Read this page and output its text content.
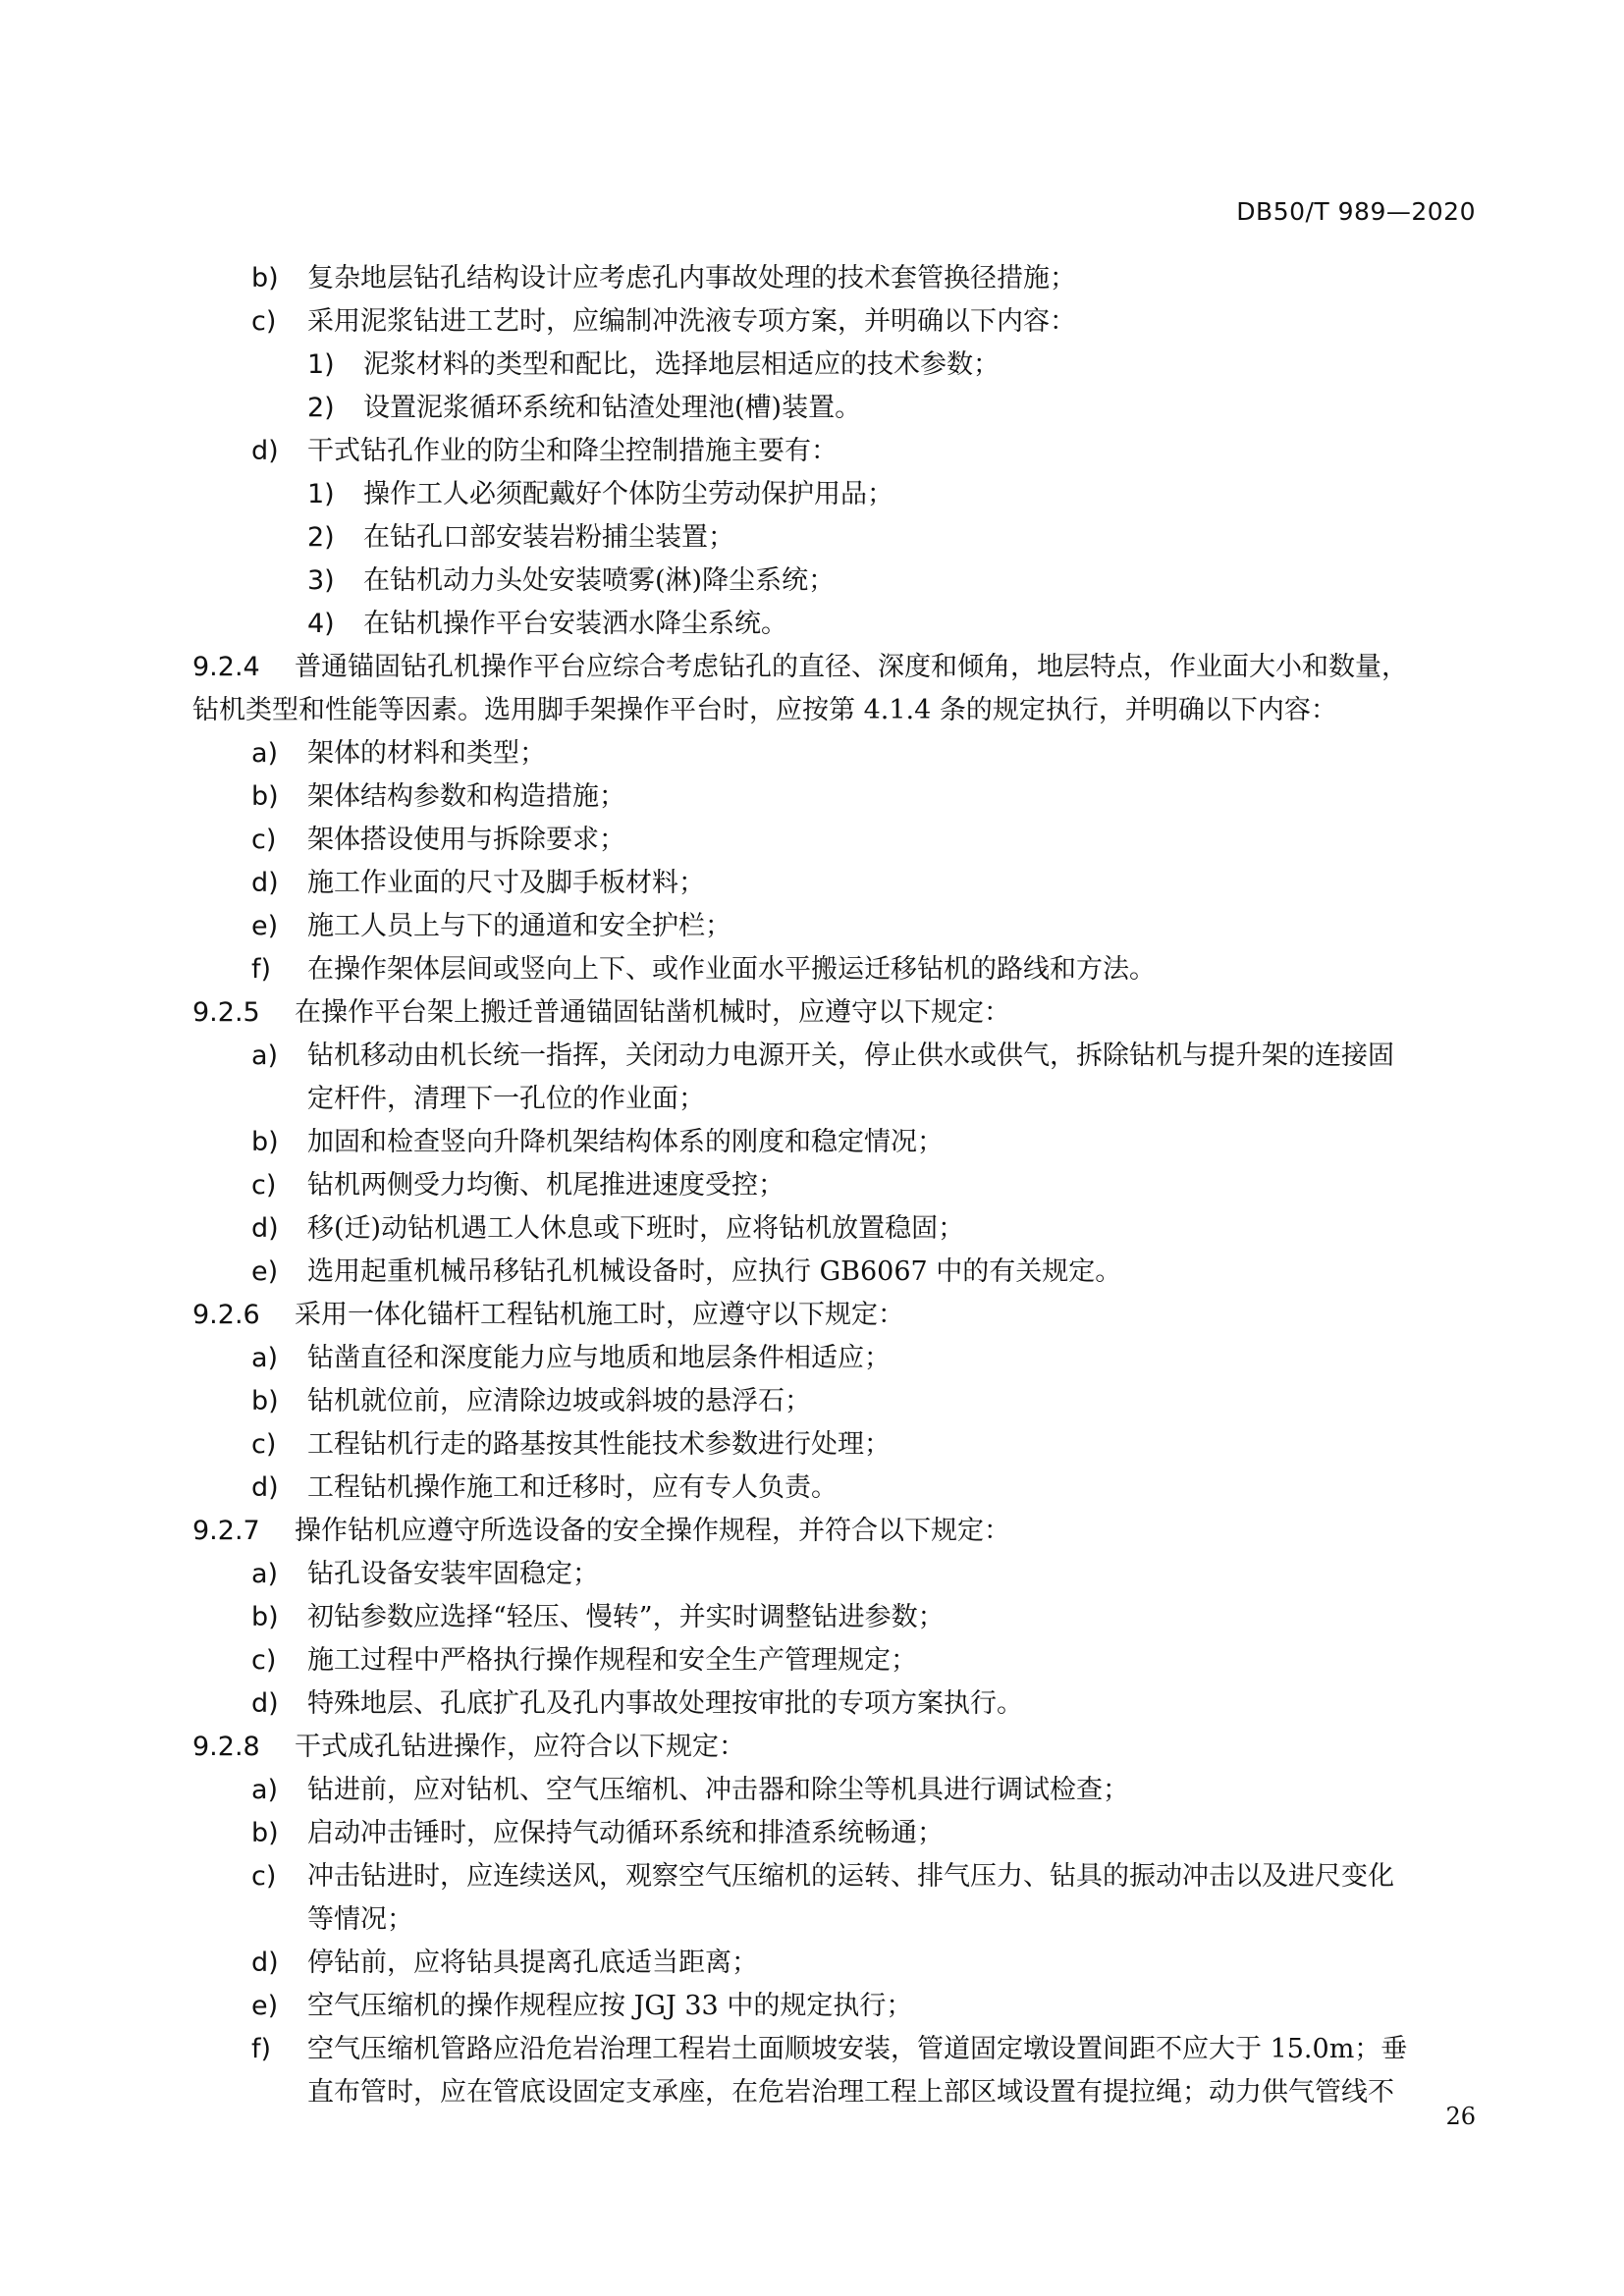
DB50/T 989—2020
b) 复杂地层钻孔结构设计应考虑孔内事故处理的技术套管换径措施；
c) 采用泥浆钻进工艺时，应编制冲洗液专项方案，并明确以下内容：
1) 泥浆材料的类型和配比，选择地层相适应的技术参数；
2) 设置泥浆循环系统和钻渣处理池(槽)装置。
d) 干式钻孔作业的防尘和降尘控制措施主要有：
1) 操作工人必须配戴好个体防尘劳动保护用品；
2) 在钻孔口部安装岩粉捕尘装置；
3) 在钻机动力头处安装喷雾(淋)降尘系统；
4) 在钻机操作平台安装洒水降尘系统。
9.2.4 普通锚固钻孔机操作平台应综合考虑钻孔的直径、深度和倾角，地层特点，作业面大小和数量，
钻机类型和性能等因素。选用脚手架操作平台时，应按第 4.1.4 条的规定执行，并明确以下内容：
a) 架体的材料和类型；
b) 架体结构参数和构造措施；
c) 架体搭设使用与拆除要求；
d) 施工作业面的尺寸及脚手板材料；
e) 施工人员上与下的通道和安全护栏；
f) 在操作架体层间或竖向上下、或作业面水平搬运迁移钻机的路线和方法。
9.2.5 在操作平台架上搬迁普通锚固钻凿机械时，应遵守以下规定：
a) 钻机移动由机长统一指挥，关闭动力电源开关，停止供水或供气，拆除钻机与提升架的连接固
定杆件，清理下一孔位的作业面；
b) 加固和检查竖向升降机架结构体系的刚度和稳定情况；
c) 钻机两侧受力均衡、机尾推进速度受控；
d) 移(迁)动钻机遇工人休息或下班时，应将钻机放置稳固；
e) 选用起重机械吊移钻孔机械设备时，应执行 GB6067 中的有关规定。
9.2.6 采用一体化锚杆工程钻机施工时，应遵守以下规定：
a) 钻凿直径和深度能力应与地质和地层条件相适应；
b) 钻机就位前，应清除边坡或斜坡的悬浮石；
c) 工程钻机行走的路基按其性能技术参数进行处理；
d) 工程钻机操作施工和迁移时，应有专人负责。
9.2.7 操作钻机应遵守所选设备的安全操作规程，并符合以下规定：
a) 钻孔设备安装牢固稳定；
b) 初钻参数应选择“轻压、慢转”，并实时调整钻进参数；
c) 施工过程中严格执行操作规程和安全生产管理规定；
d) 特殊地层、孔底扩孔及孔内事故处理按审批的专项方案执行。
9.2.8 干式成孔钻进操作，应符合以下规定：
a) 钻进前，应对钻机、空气压缩机、冲击器和除尘等机具进行调试检查；
b) 启动冲击锤时，应保持气动循环系统和排渣系统畅通；
c) 冲击钻进时，应连续送风，观察空气压缩机的运转、排气压力、钻具的振动冲击以及进尺变化
等情况；
d) 停钻前，应将钻具提离孔底适当距离；
e) 空气压缩机的操作规程应按 JGJ 33 中的规定执行；
f) 空气压缩机管路应沿危岩治理工程岩土面顺坡安装，管道固定墩设置间距不应大于 15.0m；垂
直布管时，应在管底设固定支承座，在危岩治理工程上部区域设置有提拉绳；动力供气管线不
26
